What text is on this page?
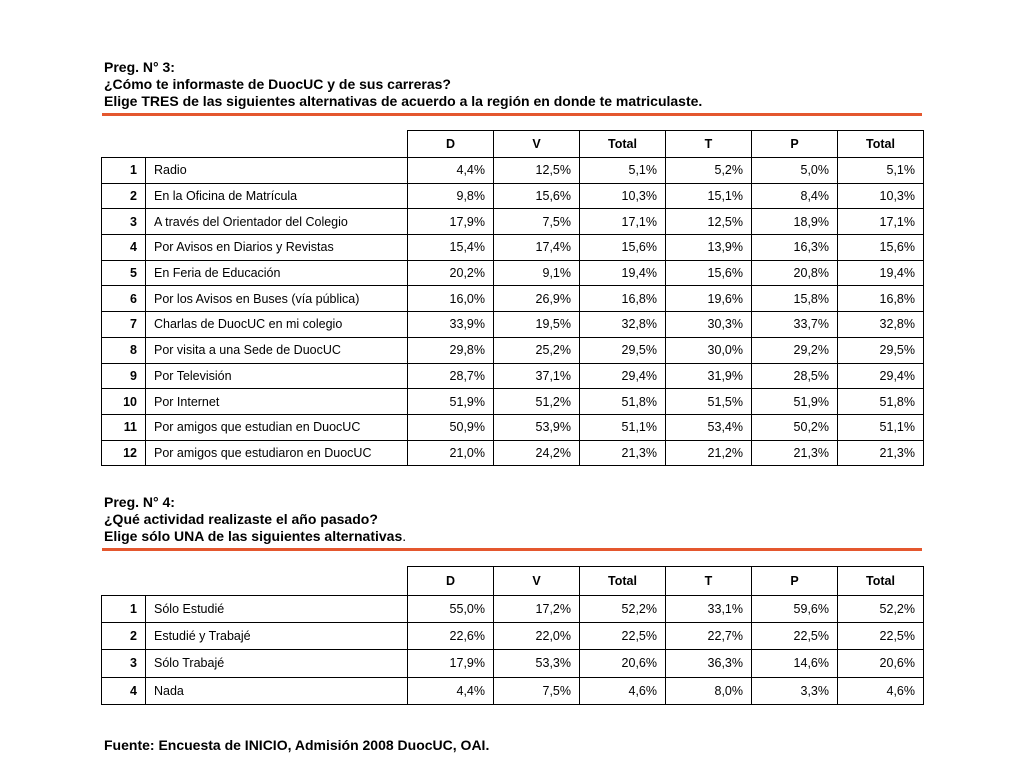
Preg. N° 3:
¿Cómo te informaste de DuocUC y de sus carreras?
Elige TRES de las siguientes alternativas de acuerdo a la región en donde te matriculaste.
		D	V	Total	T	P	Total
1	Radio	4,4%	12,5%	5,1%	5,2%	5,0%	5,1%
2	En la Oficina de Matrícula	9,8%	15,6%	10,3%	15,1%	8,4%	10,3%
3	A través del Orientador del Colegio	17,9%	7,5%	17,1%	12,5%	18,9%	17,1%
4	Por Avisos en Diarios y Revistas	15,4%	17,4%	15,6%	13,9%	16,3%	15,6%
5	En Feria de Educación	20,2%	9,1%	19,4%	15,6%	20,8%	19,4%
6	Por los Avisos en Buses (vía pública)	16,0%	26,9%	16,8%	19,6%	15,8%	16,8%
7	Charlas de DuocUC en mi colegio	33,9%	19,5%	32,8%	30,3%	33,7%	32,8%
8	Por visita a una Sede de DuocUC	29,8%	25,2%	29,5%	30,0%	29,2%	29,5%
9	Por Televisión	28,7%	37,1%	29,4%	31,9%	28,5%	29,4%
10	Por Internet	51,9%	51,2%	51,8%	51,5%	51,9%	51,8%
11	Por amigos que estudian en DuocUC	50,9%	53,9%	51,1%	53,4%	50,2%	51,1%
12	Por amigos que estudiaron en DuocUC	21,0%	24,2%	21,3%	21,2%	21,3%	21,3%
Preg. N° 4:
¿Qué actividad realizaste el año pasado?
Elige sólo UNA de las siguientes alternativas.
		D	V	Total	T	P	Total
1	Sólo Estudié	55,0%	17,2%	52,2%	33,1%	59,6%	52,2%
2	Estudié y Trabajé	22,6%	22,0%	22,5%	22,7%	22,5%	22,5%
3	Sólo Trabajé	17,9%	53,3%	20,6%	36,3%	14,6%	20,6%
4	Nada	4,4%	7,5%	4,6%	8,0%	3,3%	4,6%
Fuente: Encuesta de INICIO, Admisión 2008 DuocUC, OAI.
